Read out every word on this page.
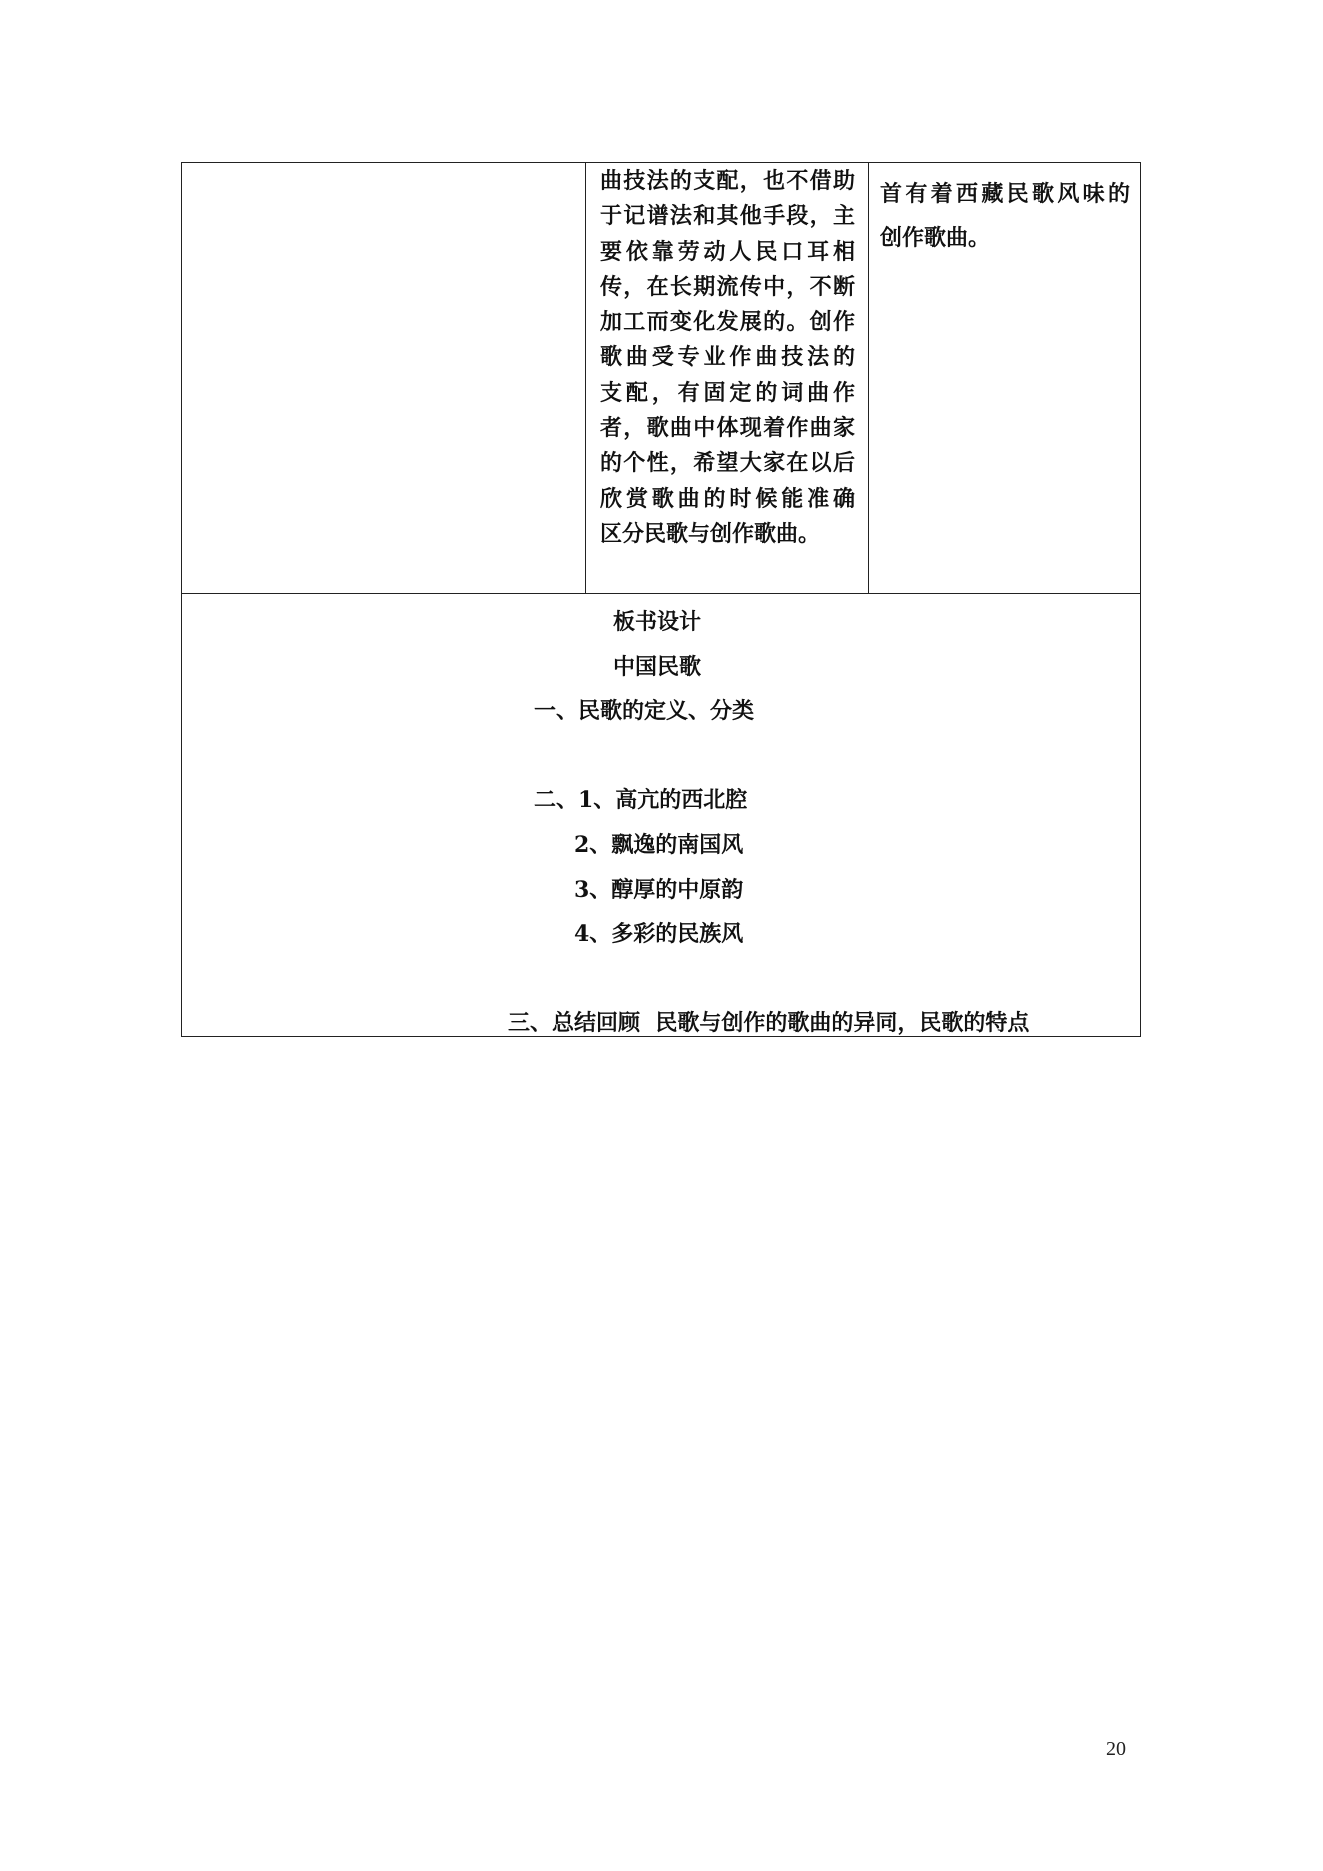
曲技法的支配，也不借助
于记谱法和其他手段，主
要依靠劳动人民口耳相
传，在长期流传中，不断
加工而变化发展的。创作
歌曲受专业作曲技法的
支配，有固定的词曲作
者，歌曲中体现着作曲家
的个性，希望大家在以后
欣赏歌曲的时候能准确
区分民歌与创作歌曲。
首有着西藏民歌风味的
创作歌曲。
板书设计
中国民歌
一、民歌的定义、分类
二、1、高亢的西北腔
2、飘逸的南国风
3、醇厚的中原韵
4、多彩的民族风
三、总结回顾  民歌与创作的歌曲的异同，民歌的特点
20
